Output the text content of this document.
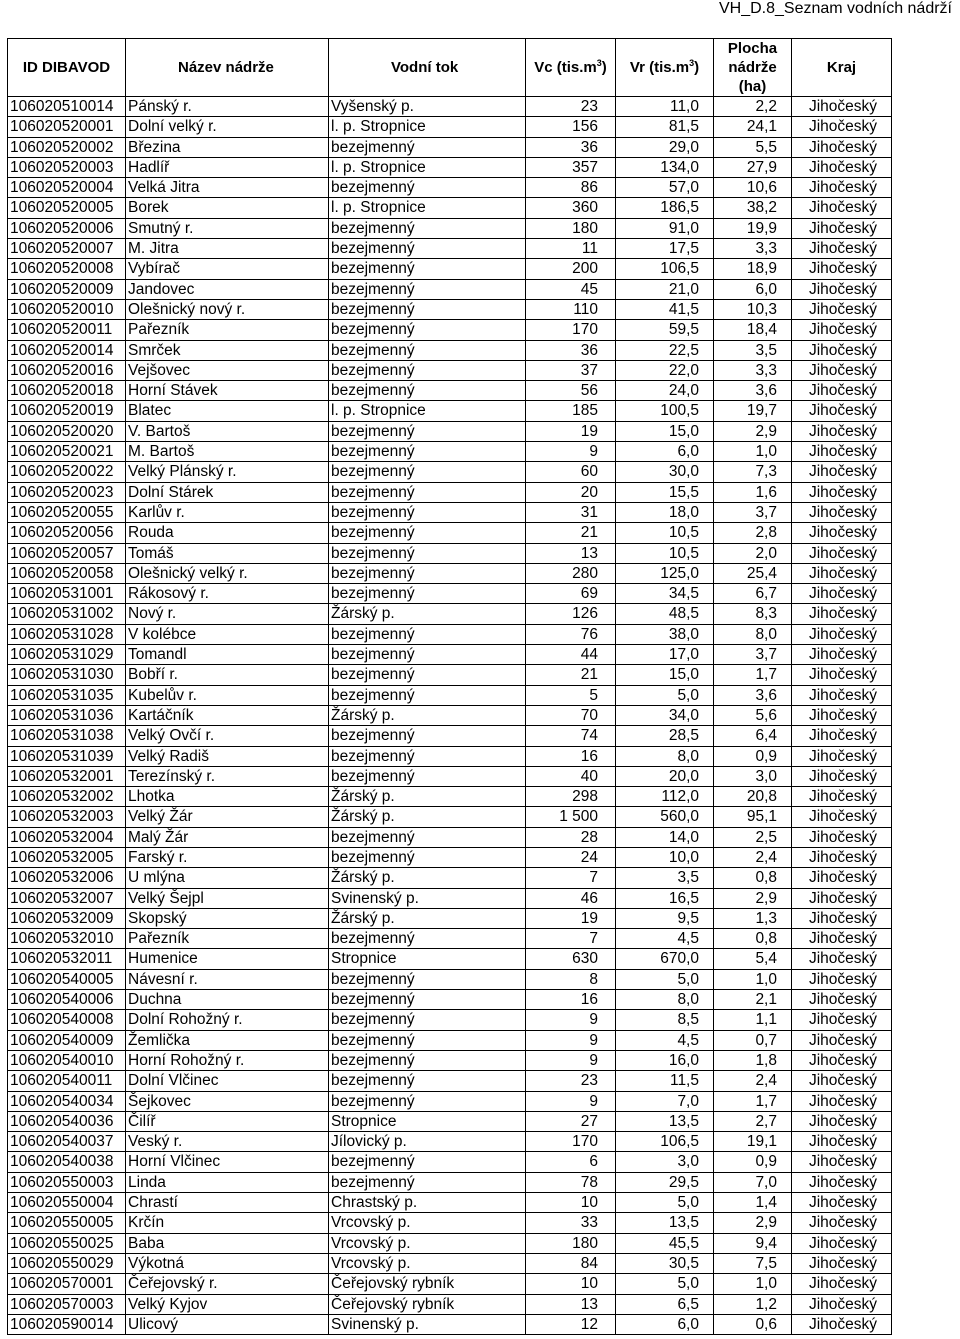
VH_D.8_Seznam vodních nádrží
ID DIBAVOD	Název nádrže	Vodní tok	Vc $(tis.m^3)$	Vr $(tis.m^3)$	Plocha nádrže (ha)	Kraj
106020510014	Pánský r.	Vyšenský p.	23	11,0	2,2	Jihočeský
106020520001	Dolní velký r.	l. p. Stropnice	156	81,5	24,1	Jihočeský
106020520002	Březina	bezejmenný	36	29,0	5,5	Jihočeský
106020520003	Hadlíř	l. p. Stropnice	357	134,0	27,9	Jihočeský
106020520004	Velká Jitra	bezejmenný	86	57,0	10,6	Jihočeský
106020520005	Borek	l. p. Stropnice	360	186,5	38,2	Jihočeský
106020520006	Smutný r.	bezejmenný	180	91,0	19,9	Jihočeský
106020520007	M. Jitra	bezejmenný	11	17,5	3,3	Jihočeský
106020520008	Vybírač	bezejmenný	200	106,5	18,9	Jihočeský
106020520009	Jandovec	bezejmenný	45	21,0	6,0	Jihočeský
106020520010	Olešnický nový r.	bezejmenný	110	41,5	10,3	Jihočeský
106020520011	Pařezník	bezejmenný	170	59,5	18,4	Jihočeský
106020520014	Smrček	bezejmenný	36	22,5	3,5	Jihočeský
106020520016	Vejšovec	bezejmenný	37	22,0	3,3	Jihočeský
106020520018	Horní Stávek	bezejmenný	56	24,0	3,6	Jihočeský
106020520019	Blatec	l. p. Stropnice	185	100,5	19,7	Jihočeský
106020520020	V. Bartoš	bezejmenný	19	15,0	2,9	Jihočeský
106020520021	M. Bartoš	bezejmenný	9	6,0	1,0	Jihočeský
106020520022	Velký Plánský r.	bezejmenný	60	30,0	7,3	Jihočeský
106020520023	Dolní Stárek	bezejmenný	20	15,5	1,6	Jihočeský
106020520055	Karlův r.	bezejmenný	31	18,0	3,7	Jihočeský
106020520056	Rouda	bezejmenný	21	10,5	2,8	Jihočeský
106020520057	Tomáš	bezejmenný	13	10,5	2,0	Jihočeský
106020520058	Olešnický velký r.	bezejmenný	280	125,0	25,4	Jihočeský
106020531001	Rákosový r.	bezejmenný	69	34,5	6,7	Jihočeský
106020531002	Nový r.	Žárský p.	126	48,5	8,3	Jihočeský
106020531028	V kolébce	bezejmenný	76	38,0	8,0	Jihočeský
106020531029	Tomandl	bezejmenný	44	17,0	3,7	Jihočeský
106020531030	Bobří r.	bezejmenný	21	15,0	1,7	Jihočeský
106020531035	Kubelův r.	bezejmenný	5	5,0	3,6	Jihočeský
106020531036	Kartáčník	Žárský p.	70	34,0	5,6	Jihočeský
106020531038	Velký Ovčí r.	bezejmenný	74	28,5	6,4	Jihočeský
106020531039	Velký Radiš	bezejmenný	16	8,0	0,9	Jihočeský
106020532001	Terezínský r.	bezejmenný	40	20,0	3,0	Jihočeský
106020532002	Lhotka	Žárský p.	298	112,0	20,8	Jihočeský
106020532003	Velký Žár	Žárský p.	1 500	560,0	95,1	Jihočeský
106020532004	Malý Žár	bezejmenný	28	14,0	2,5	Jihočeský
106020532005	Farský r.	bezejmenný	24	10,0	2,4	Jihočeský
106020532006	U mlýna	Žárský p.	7	3,5	0,8	Jihočeský
106020532007	Velký Šejpl	Svinenský p.	46	16,5	2,9	Jihočeský
106020532009	Skopský	Žárský p.	19	9,5	1,3	Jihočeský
106020532010	Pařezník	bezejmenný	7	4,5	0,8	Jihočeský
106020532011	Humenice	Stropnice	630	670,0	5,4	Jihočeský
106020540005	Návesní r.	bezejmenný	8	5,0	1,0	Jihočeský
106020540006	Duchna	bezejmenný	16	8,0	2,1	Jihočeský
106020540008	Dolní Rohožný r.	bezejmenný	9	8,5	1,1	Jihočeský
106020540009	Žemlička	bezejmenný	9	4,5	0,7	Jihočeský
106020540010	Horní Rohožný r.	bezejmenný	9	16,0	1,8	Jihočeský
106020540011	Dolní Vlčinec	bezejmenný	23	11,5	2,4	Jihočeský
106020540034	Šejkovec	bezejmenný	9	7,0	1,7	Jihočeský
106020540036	Čilíř	Stropnice	27	13,5	2,7	Jihočeský
106020540037	Veský r.	Jílovický p.	170	106,5	19,1	Jihočeský
106020540038	Horní Vlčinec	bezejmenný	6	3,0	0,9	Jihočeský
106020550003	Linda	bezejmenný	78	29,5	7,0	Jihočeský
106020550004	Chrastí	Chrastský p.	10	5,0	1,4	Jihočeský
106020550005	Krčín	Vrcovský p.	33	13,5	2,9	Jihočeský
106020550025	Baba	Vrcovský p.	180	45,5	9,4	Jihočeský
106020550029	Výkotná	Vrcovský p.	84	30,5	7,5	Jihočeský
106020570001	Čeřejovský r.	Čeřejovský rybník	10	5,0	1,0	Jihočeský
106020570003	Velký Kyjov	Čeřejovský rybník	13	6,5	1,2	Jihočeský
106020590014	Ulicový	Svinenský p.	12	6,0	0,6	Jihočeský
